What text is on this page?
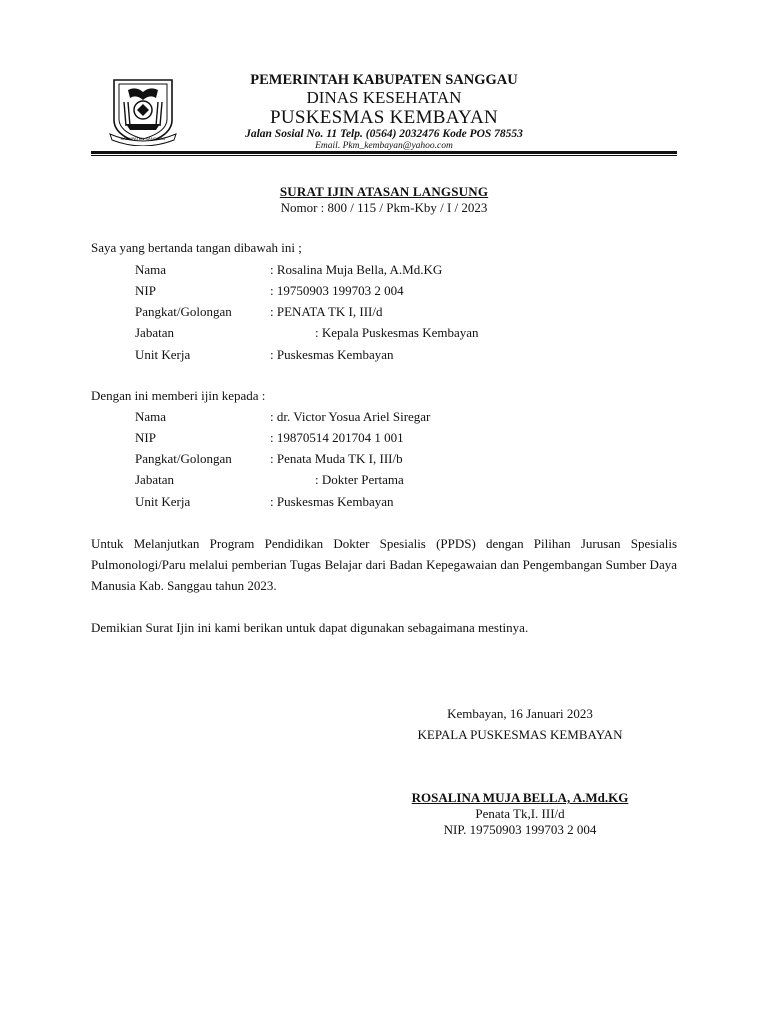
KABUPATEN SANGGAU
PEMERINTAH KABUPATEN SANGGAU
DINAS KESEHATAN
PUSKESMAS KEMBAYAN
Jalan Sosial No. 11 Telp. (0564) 2032476 Kode POS 78553
Email. Pkm_kembayan@yahoo.com
SURAT IJIN ATASAN LANGSUNG
Nomor : 800 / 115 / Pkm-Kby / I / 2023
Saya yang bertanda tangan dibawah ini ;
Nama	: Rosalina Muja Bella, A.Md.KG
NIP	: 19750903 199703 2 004
Pangkat/Golongan	: PENATA TK I, III/d
Jabatan	: Kepala Puskesmas Kembayan
Unit Kerja	: Puskesmas Kembayan
Dengan ini memberi ijin kepada :
Nama	: dr. Victor Yosua Ariel Siregar
NIP	: 19870514 201704 1 001
Pangkat/Golongan	: Penata Muda TK I, III/b
Jabatan	: Dokter Pertama
Unit Kerja	: Puskesmas Kembayan
Untuk Melanjutkan Program Pendidikan Dokter Spesialis (PPDS) dengan Pilihan Jurusan Spesialis Pulmonologi/Paru melalui pemberian Tugas Belajar dari Badan Kepegawaian dan Pengembangan Sumber Daya Manusia Kab. Sanggau tahun 2023.
Demikian Surat Ijin ini kami berikan untuk dapat digunakan sebagaimana mestinya.
Kembayan, 16 Januari 2023
KEPALA PUSKESMAS KEMBAYAN
ROSALINA MUJA BELLA, A.Md.KG
Penata Tk,I. III/d
NIP. 19750903 199703 2 004
